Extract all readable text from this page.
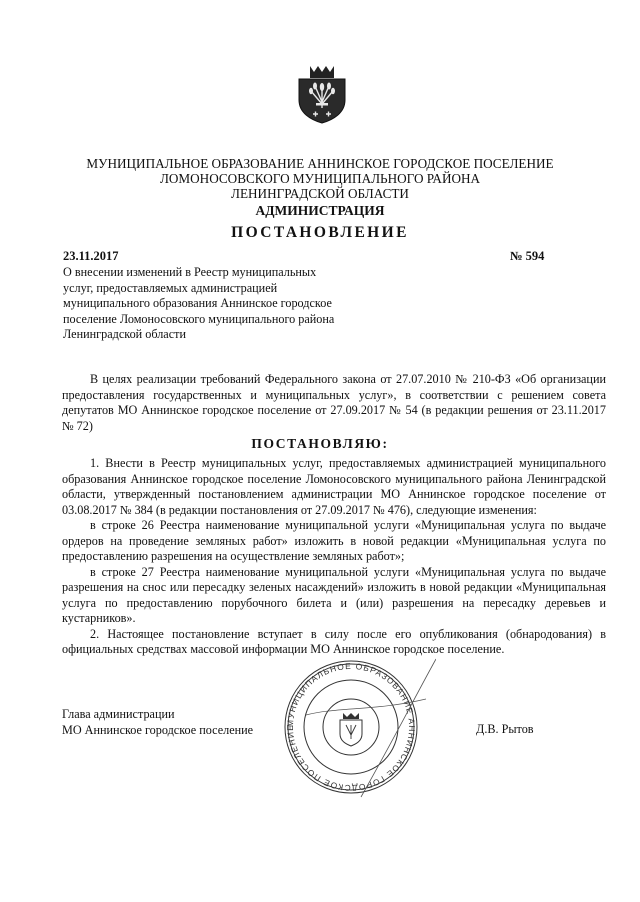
МУНИЦИПАЛЬНОЕ ОБРАЗОВАНИЕ АННИНСКОЕ ГОРОДСКОЕ ПОСЕЛЕНИЕ
ЛОМОНОСОВСКОГО МУНИЦИПАЛЬНОГО РАЙОНА
ЛЕНИНГРАДСКОЙ ОБЛАСТИ
АДМИНИСТРАЦИЯ
ПОСТАНОВЛЕНИЕ
23.11.2017	№ 594
О внесении изменений в Реестр муниципальных
услуг, предоставляемых администрацией
муниципального образования Аннинское городское
поселение Ломоносовского муниципального района
Ленинградской области

В целях реализации требований Федерального закона от 27.07.2010 № 210-ФЗ «Об организации предоставления государственных и муниципальных услуг», в соответствии с решением совета депутатов МО Аннинское городское поселение от 27.09.2017 № 54 (в редакции решения от 23.11.2017 № 72)

ПОСТАНОВЛЯЮ:

1. Внести в Реестр муниципальных услуг, предоставляемых администрацией муниципального образования Аннинское городское поселение Ломоносовского муниципального района Ленинградской области, утвержденный постановлением администрации МО Аннинское городское поселение от 03.08.2017 № 384 (в редакции постановления от 27.09.2017 № 476), следующие изменения:

в строке 26 Реестра наименование муниципальной услуги «Муниципальная услуга по выдаче ордеров на проведение земляных работ» изложить в новой редакции «Муниципальная услуга по предоставлению разрешения на осуществление земляных работ»;

в строке 27 Реестра наименование муниципальной услуги «Муниципальная услуга по выдаче разрешения на снос или пересадку зеленых насаждений» изложить в новой редакции «Муниципальная услуга по предоставлению порубочного билета и (или) разрешения на пересадку деревьев и кустарников».

2. Настоящее постановление вступает в силу после его опубликования (обнародования) в официальных средствах массовой информации МО Аннинское городское поселение.

МУНИЦИПАЛЬНОЕ ОБРАЗОВАНИЕ АННИНСКОЕ ГОРОДСКОЕ ПОСЕЛЕНИЕ
Глава администрации
МО Аннинское городское поселение	Д.В. Рытов
